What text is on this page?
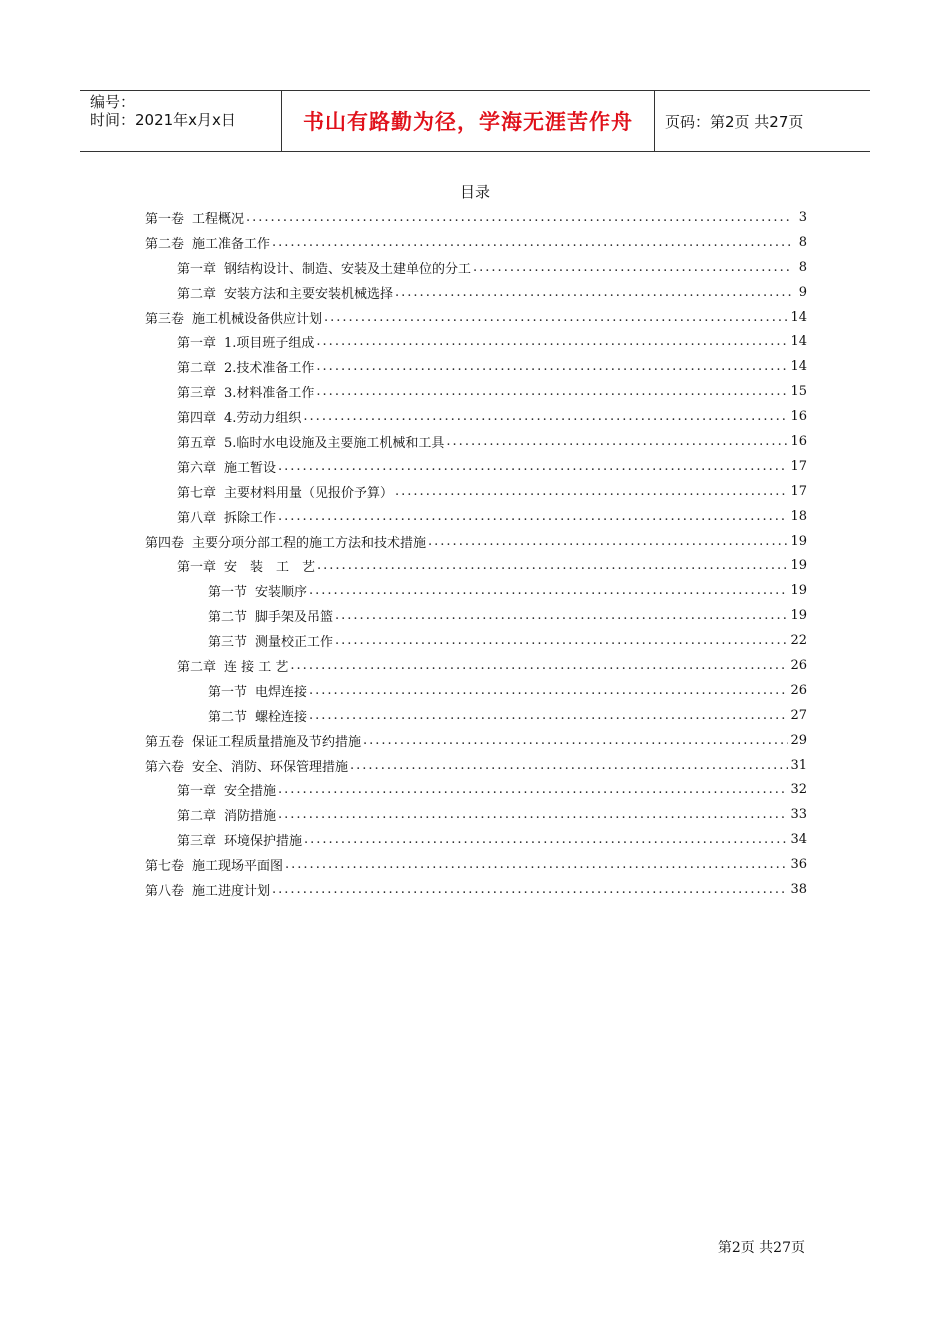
编号：
时间：2021年x月x日	书山有路勤为径，学海无涯苦作舟	页码：第2页 共27页
目录
第一卷 工程概况 .....	3
第二卷 施工准备工作 .....	8
第一章 钢结构设计、制造、安装及土建单位的分工 .....	8
第二章 安装方法和主要安装机械选择 .....	9
第三卷 施工机械设备供应计划 .....	14
第一章 1.项目班子组成 .....	14
第二章 2.技术准备工作 .....	14
第三章 3.材料准备工作 .....	15
第四章 4.劳动力组织 .....	16
第五章 5.临时水电设施及主要施工机械和工具 .....	16
第六章 施工暂设 .....	17
第七章 主要材料用量（见报价予算） .....	17
第八章 拆除工作 .....	18
第四卷 主要分项分部工程的施工方法和技术措施 .....	19
第一章 安　装　工　艺 .....	19
第一节 安装顺序 .....	19
第二节 脚手架及吊篮 .....	19
第三节 测量校正工作 .....	22
第二章 连 接 工 艺 .....	26
第一节 电焊连接 .....	26
第二节 螺栓连接 .....	27
第五卷 保证工程质量措施及节约措施 .....	29
第六卷 安全、消防、环保管理措施 .....	31
第一章 安全措施 .....	32
第二章 消防措施 .....	33
第三章 环境保护措施 .....	34
第七卷 施工现场平面图 .....	36
第八卷 施工进度计划 .....	38
第2页 共27页
